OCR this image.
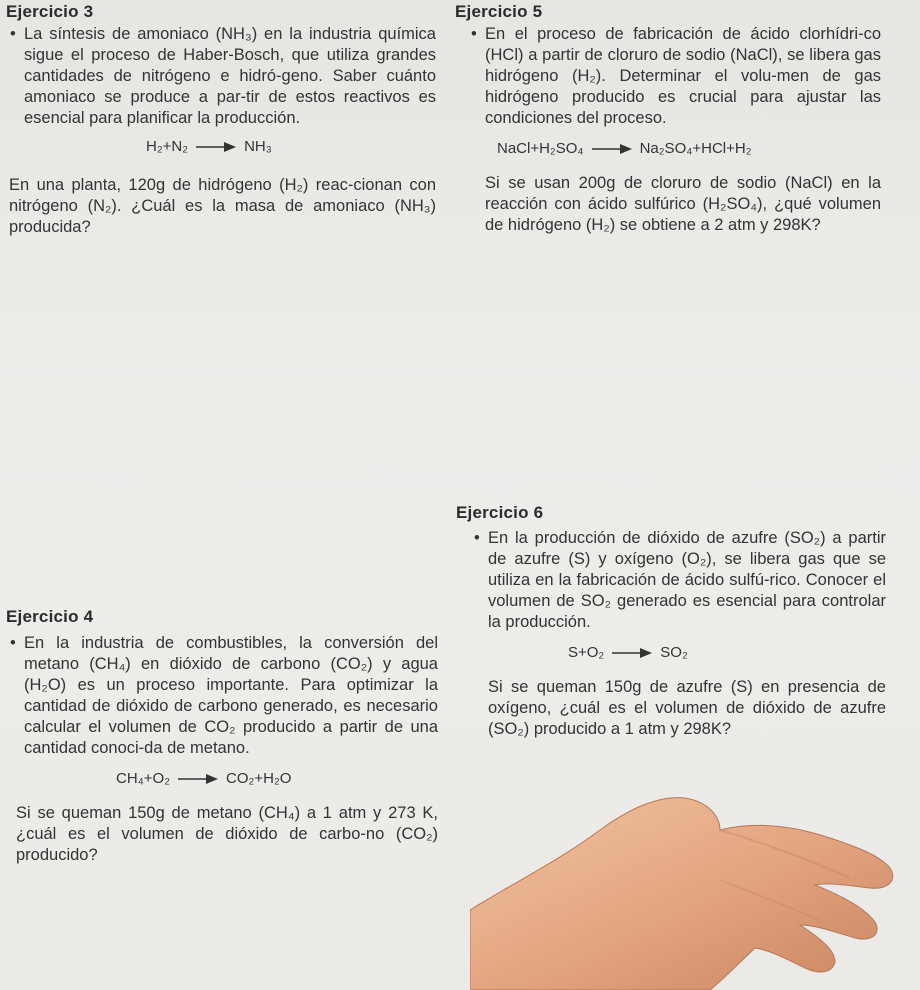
Ejercicio 3

• La síntesis de amoniaco (NH₃) en la industria química sigue el proceso de Haber-Bosch, que utiliza grandes cantidades de nitrógeno e hidró-geno. Saber cuánto amoniaco se produce a par-tir de estos reactivos es esencial para planificar la producción.

H₂+N₂ → NH₃

En una planta, 120g de hidrógeno (H₂) reac-cionan con nitrógeno (N₂). ¿Cuál es la masa de amoniaco (NH₃) producida?

Ejercicio 5

• En el proceso de fabricación de ácido clorhídri-co (HCl) a partir de cloruro de sodio (NaCl), se libera gas hidrógeno (H₂). Determinar el volu-men de gas hidrógeno producido es crucial para ajustar las condiciones del proceso.

NaCl+H₂SO₄ → Na₂SO₄+HCl+H₂

Si se usan 200g de cloruro de sodio (NaCl) en la reacción con ácido sulfúrico (H₂SO₄), ¿qué volumen de hidrógeno (H₂) se obtiene a 2 atm y 298K?

Ejercicio 6

• En la producción de dióxido de azufre (SO₂) a partir de azufre (S) y oxígeno (O₂), se libera gas que se utiliza en la fabricación de ácido sulfú-rico. Conocer el volumen de SO₂ generado es esencial para controlar la producción.

S+O₂ → SO₂

Si se queman 150g de azufre (S) en presencia de oxígeno, ¿cuál es el volumen de dióxido de azufre (SO₂) producido a 1 atm y 298K?

Ejercicio 4

• En la industria de combustibles, la conversión del metano (CH₄) en dióxido de carbono (CO₂) y agua (H₂O) es un proceso importante. Para optimizar la cantidad de dióxido de carbono generado, es necesario calcular el volumen de CO₂ producido a partir de una cantidad conoci-da de metano.

CH₄+O₂ → CO₂+H₂O

Si se queman 150g de metano (CH₄) a 1 atm y 273 K, ¿cuál es el volumen de dióxido de carbo-no (CO₂) producido?
